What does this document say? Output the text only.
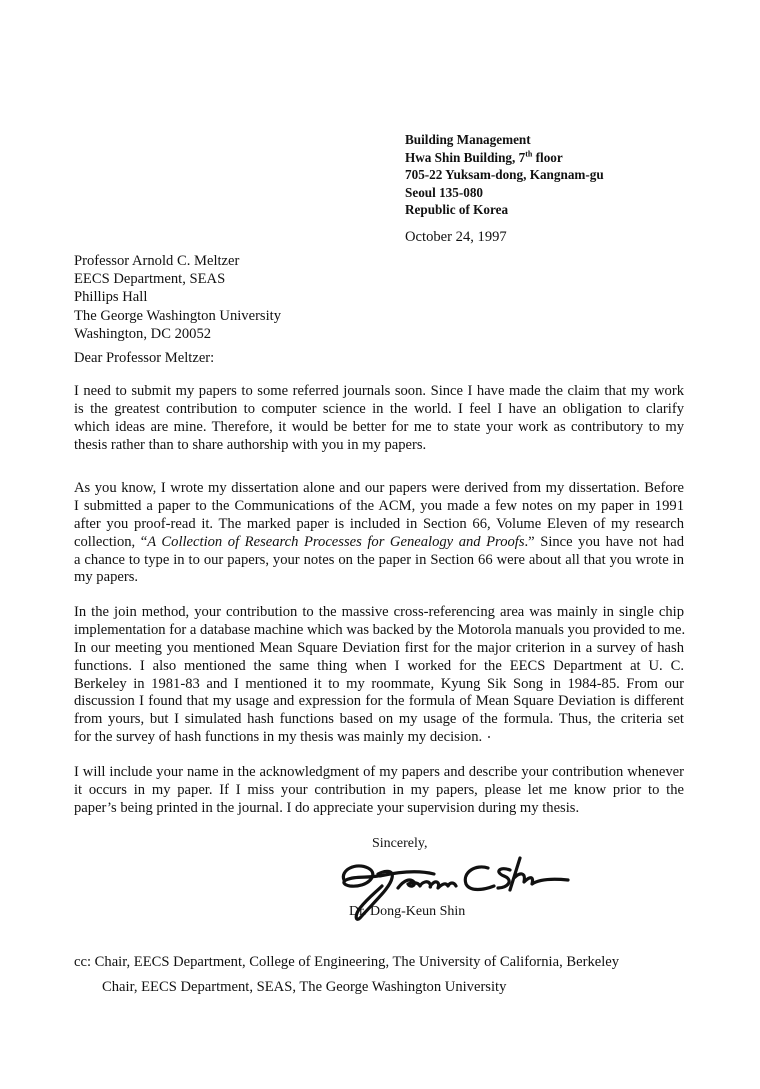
Building Management
Hwa Shin Building, 7th floor
705-22 Yuksam-dong, Kangnam-gu
Seoul 135-080
Republic of Korea
October 24, 1997
Professor Arnold C. Meltzer
EECS Department, SEAS
Phillips Hall
The George Washington University
Washington, DC 20052
Dear Professor Meltzer:
I need to submit my papers to some referred journals soon. Since I have made the claim that my work
is the greatest contribution to computer science in the world. I feel I have an obligation to clarify
which ideas are mine. Therefore, it would be better for me to state your work as contributory to my
thesis rather than to share authorship with you in my papers.
As you know, I wrote my dissertation alone and our papers were derived from my dissertation. Before
I submitted a paper to the Communications of the ACM, you made a few notes on my paper in 1991
after you proof-read it. The marked paper is included in Section 66, Volume Eleven of my research
collection, “A Collection of Research Processes for Genealogy and Proofs.” Since you have not had
a chance to type in to our papers, your notes on the paper in Section 66 were about all that you wrote in
my papers.
In the join method, your contribution to the massive cross-referencing area was mainly in single chip
implementation for a database machine which was backed by the Motorola manuals you provided to me.
In our meeting you mentioned Mean Square Deviation first for the major criterion in a survey of hash
functions. I also mentioned the same thing when I worked for the EECS Department at U. C.
Berkeley in 1981-83 and I mentioned it to my roommate, Kyung Sik Song in 1984-85. From our
discussion I found that my usage and expression for the formula of Mean Square Deviation is different
from yours, but I simulated hash functions based on my usage of the formula. Thus, the criteria set
for the survey of hash functions in my thesis was mainly my decision.
I will include your name in the acknowledgment of my papers and describe your contribution whenever
it occurs in my paper. If I miss your contribution in my papers, please let me know prior to the
paper’s being printed in the journal. I do appreciate your supervision during my thesis.
Sincerely,
Dr. Dong-Keun Shin
cc: Chair, EECS Department, College of Engineering, The University of California, Berkeley
Chair, EECS Department, SEAS, The George Washington University
